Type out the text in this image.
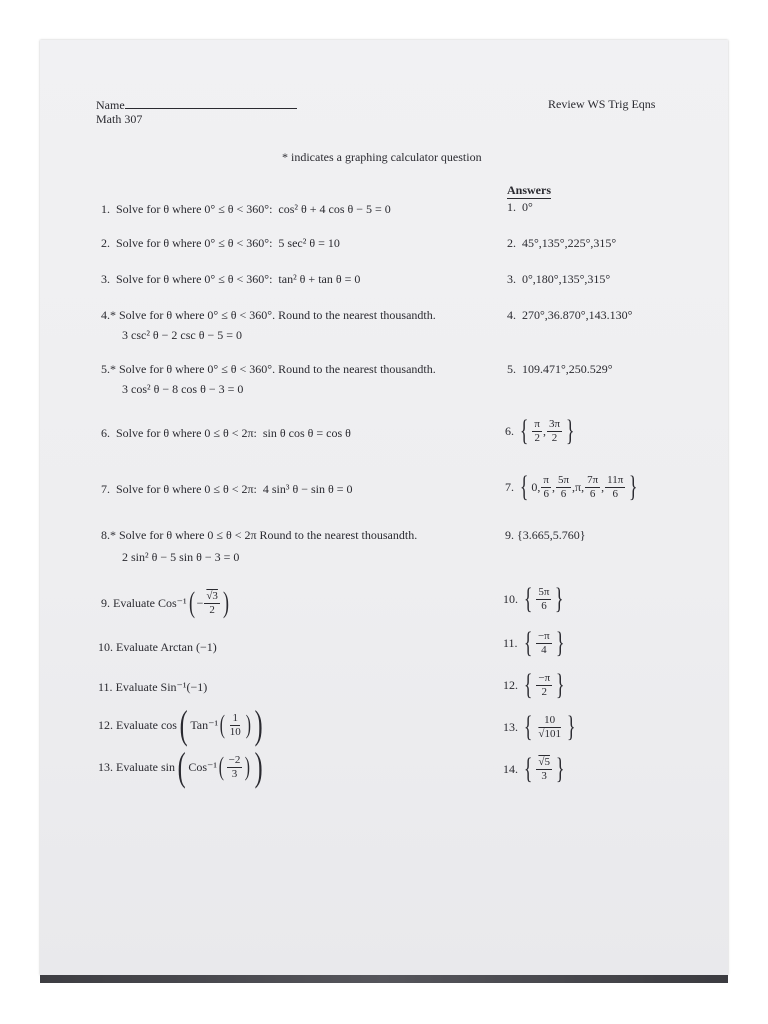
Name
Math 307
Review WS Trig Eqns
* indicates a graphing calculator question
Answers
1. Solve for θ where 0° ≤ θ < 360°: cos² θ + 4 cos θ − 5 = 0
2. Solve for θ where 0° ≤ θ < 360°: 5 sec² θ = 10
3. Solve for θ where 0° ≤ θ < 360°: tan² θ + tan θ = 0
4.* Solve for θ where 0° ≤ θ < 360°. Round to the nearest thousandth.
3 csc² θ − 2 csc θ − 5 = 0
5.* Solve for θ where 0° ≤ θ < 360°. Round to the nearest thousandth.
3 cos² θ − 8 cos θ − 3 = 0
6. Solve for θ where 0 ≤ θ < 2π: sin θ cos θ = cos θ
7. Solve for θ where 0 ≤ θ < 2π: 4 sin³ θ − sin θ = 0
8.* Solve for θ where 0 ≤ θ < 2π Round to the nearest thousandth.
2 sin² θ − 5 sin θ − 3 = 0
9.
Evaluate Cos⁻¹ ( − $\frac{√3}{2}$ )
10. Evaluate Arctan (−1)
11. Evaluate Sin⁻¹(−1)
12.
Evaluate
cos ( Tan⁻¹ ( $\frac{1}{10}$ ) )
13.
Evaluate
sin ( Cos⁻¹ ( $\frac{-2}{3}$ ) )
1. 0°
2. 45°,135°,225°,315°
3. 0°,180°,135°,315°
4. 270°,36.870°,143.130°
5. 109.471°,250.529°
6.
{ $\frac{\pi}{2}$ , $\frac{3\pi}{2}$ }
7.
{ 0, $\frac{\pi}{6}$ , $\frac{5\pi}{6} ,\pi$, $\frac{7\pi}{6}$ , $\frac{11\pi}{6}$ }
9. {3.665,5.760}
10.
{ $\frac{5\pi}{6}$ }
11.
{ $\frac{-\pi}{4}$ }
12.
{ $\frac{-\pi}{2}$ }
13.
{ $\frac{10}{√101}$ }
14.
{ $\frac{√5}{3}$ }
